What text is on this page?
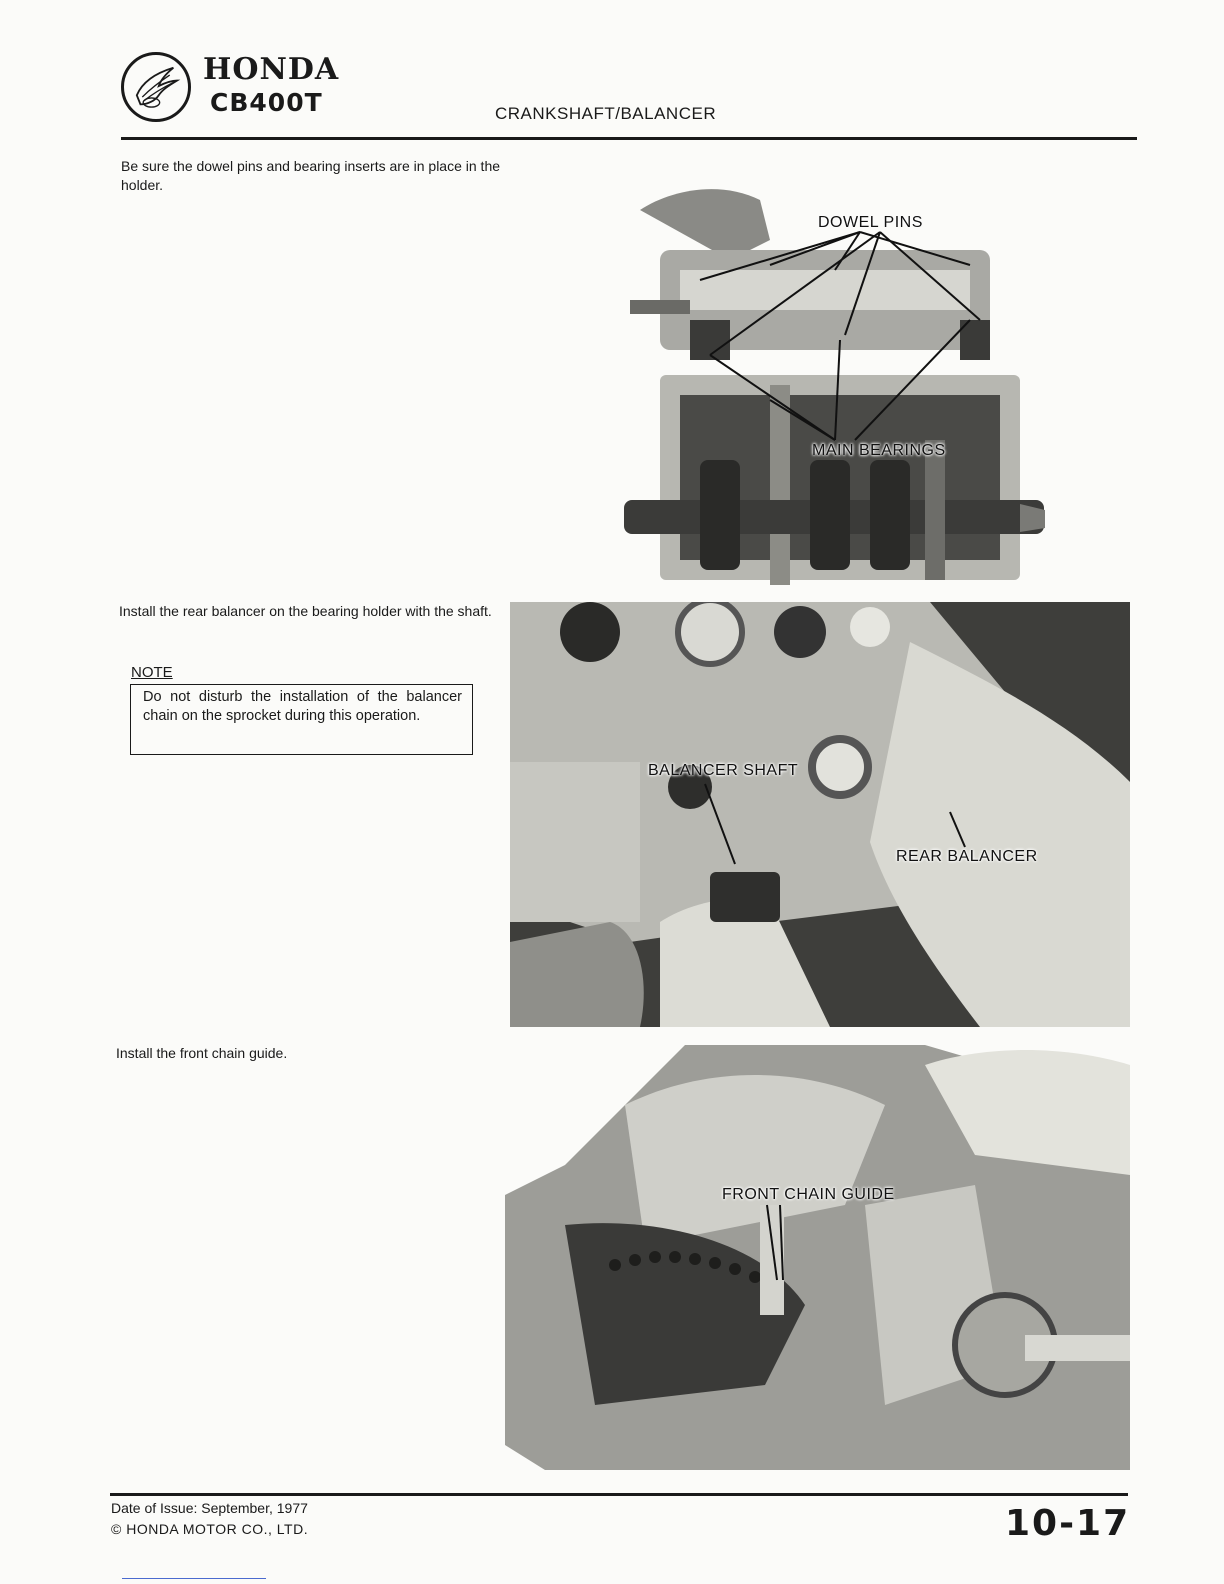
HONDA
CB400T	CRANKSHAFT/BALANCER
Be sure the dowel pins and bearing inserts are in place in the holder.
Install the rear balancer on the bearing holder with the shaft.
NOTE
Do not disturb the installation of the balancer chain on the sprocket during this operation.
Install the front chain guide.
DOWEL PINS
MAIN BEARINGS
BALANCER SHAFT
REAR BALANCER
FRONT CHAIN GUIDE
Date of Issue: September, 1977
© HONDA MOTOR CO., LTD.	10-17
